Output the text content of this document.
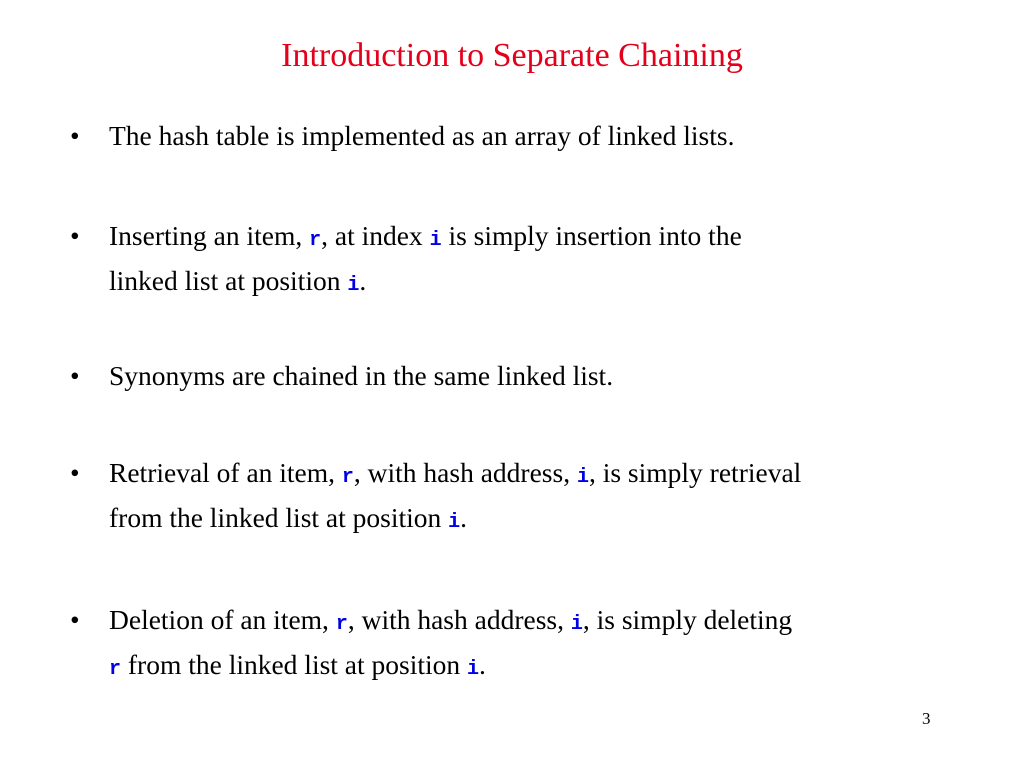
Introduction to Separate Chaining
•	The hash table is implemented as an array of linked lists.
•	Inserting an item, r, at index i is simply insertion into the
linked list at position i.
•	Synonyms are chained in the same linked list.
•	Retrieval of an item, r, with hash address, i, is simply retrieval
from the linked list at position i.
•	Deletion of an item, r, with hash address, i, is simply deleting
r from the linked list at position i.
3
